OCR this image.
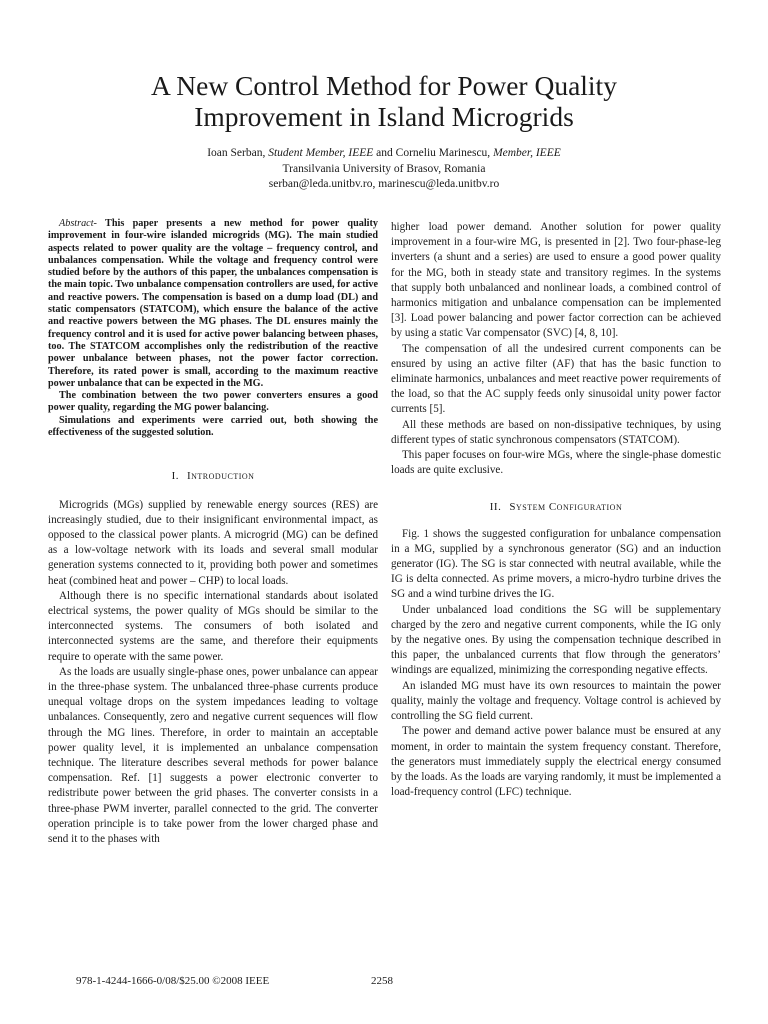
A New Control Method for Power Quality
Improvement in Island Microgrids
Ioan Serban, Student Member, IEEE and Corneliu Marinescu, Member, IEEE
Transilvania University of Brasov, Romania
serban@leda.unitbv.ro, marinescu@leda.unitbv.ro

Abstract- This paper presents a new method for power quality improvement in four-wire islanded microgrids (MG). The main studied aspects related to power quality are the voltage – frequency control, and unbalances compensation. While the voltage and frequency control were studied before by the authors of this paper, the unbalances compensation is the main topic. Two unbalance compensation controllers are used, for active and reactive powers. The compensation is based on a dump load (DL) and static compensators (STATCOM), which ensure the balance of the active and reactive powers between the MG phases. The DL ensures mainly the frequency control and it is used for active power balancing between phases, too. The STATCOM accomplishes only the redistribution of the reactive power unbalance between phases, not the power factor correction. Therefore, its rated power is small, according to the maximum reactive power unbalance that can be expected in the MG.

The combination between the two power converters ensures a good power quality, regarding the MG power balancing.

Simulations and experiments were carried out, both showing the effectiveness of the suggested solution.

I. Introduction

Microgrids (MGs) supplied by renewable energy sources (RES) are increasingly studied, due to their insignificant environmental impact, as opposed to the classical power plants. A microgrid (MG) can be defined as a low-voltage network with its loads and several small modular generation systems connected to it, providing both power and sometimes heat (combined heat and power – CHP) to local loads.

Although there is no specific international standards about isolated electrical systems, the power quality of MGs should be similar to the interconnected systems. The consumers of both isolated and interconnected systems are the same, and therefore their equipments require to operate with the same power.

As the loads are usually single-phase ones, power unbalance can appear in the three-phase system. The unbalanced three-phase currents produce unequal voltage drops on the system impedances leading to voltage unbalances. Consequently, zero and negative current sequences will flow through the MG lines. Therefore, in order to maintain an acceptable power quality level, it is implemented an unbalance compensation technique. The literature describes several methods for power balance compensation. Ref. [1] suggests a power electronic converter to redistribute power between the grid phases. The converter consists in a three-phase PWM inverter, parallel connected to the grid. The converter operation principle is to take power from the lower charged phase and send it to the phases with

higher load power demand. Another solution for power quality improvement in a four-wire MG, is presented in [2]. Two four-phase-leg inverters (a shunt and a series) are used to ensure a good power quality for the MG, both in steady state and transitory regimes. In the systems that supply both unbalanced and nonlinear loads, a combined control of harmonics mitigation and unbalance compensation can be implemented [3]. Load power balancing and power factor correction can be achieved by using a static Var compensator (SVC) [4, 8, 10].

The compensation of all the undesired current components can be ensured by using an active filter (AF) that has the basic function to eliminate harmonics, unbalances and meet reactive power requirements of the load, so that the AC supply feeds only sinusoidal unity power factor currents [5].

All these methods are based on non-dissipative techniques, by using different types of static synchronous compensators (STATCOM).

This paper focuses on four-wire MGs, where the single-phase domestic loads are quite exclusive.

II. System Configuration

Fig. 1 shows the suggested configuration for unbalance compensation in a MG, supplied by a synchronous generator (SG) and an induction generator (IG). The SG is star connected with neutral available, while the IG is delta connected. As prime movers, a micro-hydro turbine drives the SG and a wind turbine drives the IG.

Under unbalanced load conditions the SG will be supplementary charged by the zero and negative current components, while the IG only by the negative ones. By using the compensation technique described in this paper, the unbalanced currents that flow through the generators’ windings are equalized, minimizing the corresponding negative effects.

An islanded MG must have its own resources to maintain the power quality, mainly the voltage and frequency. Voltage control is achieved by controlling the SG field current.

The power and demand active power balance must be ensured at any moment, in order to maintain the system frequency constant. Therefore, the generators must immediately supply the electrical energy consumed by the loads. As the loads are varying randomly, it must be implemented a load-frequency control (LFC) technique.

978-1-4244-1666-0/08/$25.00 ©2008 IEEE	2258
